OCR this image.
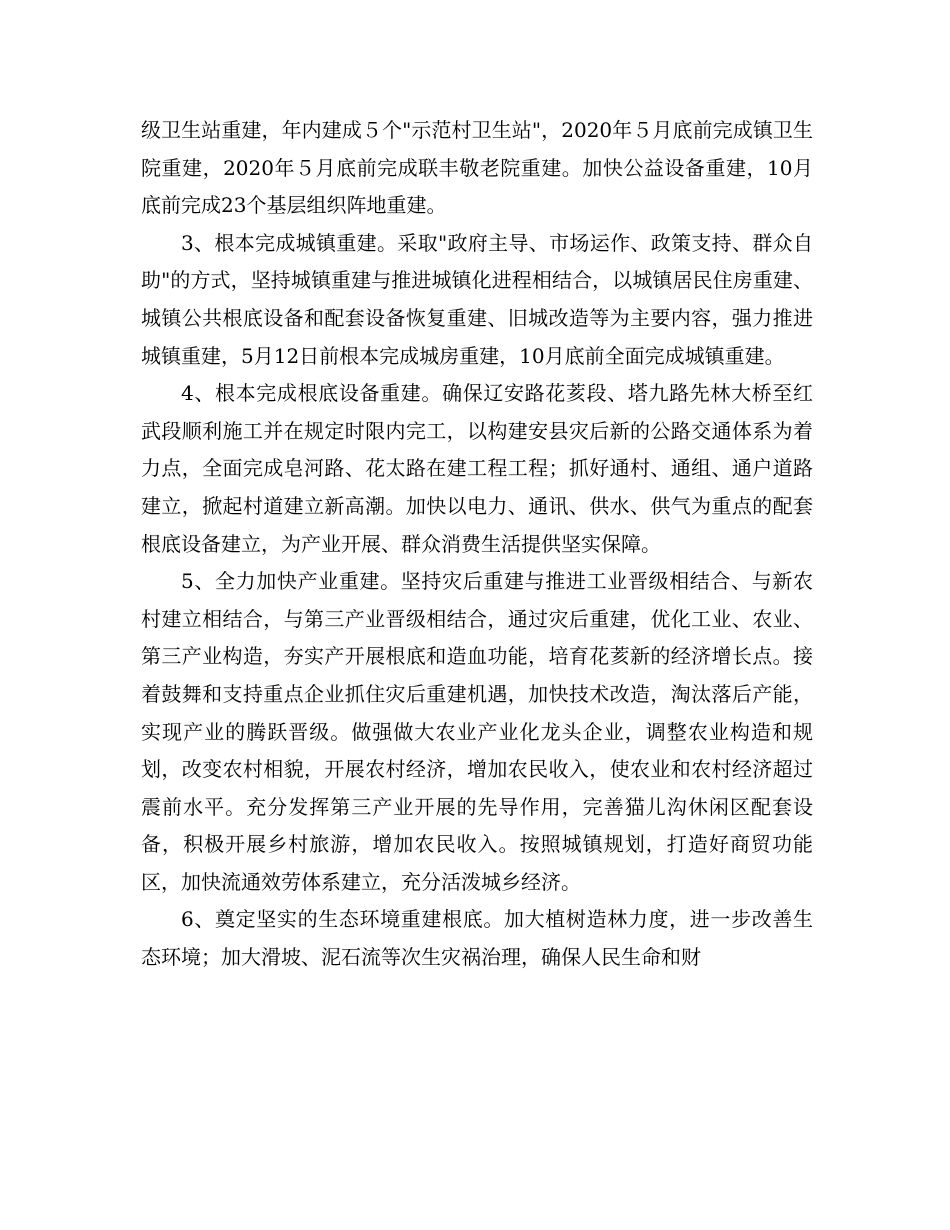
级卫生站重建，年内建成５个"示范村卫生站"，2020年５月底前完成镇卫生院重建，2020年５月底前完成联丰敬老院重建。加快公益设备重建，10月底前完成23个基层组织阵地重建。

3、根本完成城镇重建。采取"政府主导、市场运作、政策支持、群众自助"的方式，坚持城镇重建与推进城镇化进程相结合，以城镇居民住房重建、城镇公共根底设备和配套设备恢复重建、旧城改造等为主要内容，强力推进城镇重建，5月12日前根本完成城房重建，10月底前全面完成城镇重建。

4、根本完成根底设备重建。确保辽安路花荄段、塔九路先林大桥至红武段顺利施工并在规定时限内完工，以构建安县灾后新的公路交通体系为着力点，全面完成皂河路、花太路在建工程工程；抓好通村、通组、通户道路建立，掀起村道建立新高潮。加快以电力、通讯、供水、供气为重点的配套根底设备建立，为产业开展、群众消费生活提供坚实保障。

5、全力加快产业重建。坚持灾后重建与推进工业晋级相结合、与新农村建立相结合，与第三产业晋级相结合，通过灾后重建，优化工业、农业、第三产业构造，夯实产开展根底和造血功能，培育花荄新的经济增长点。接着鼓舞和支持重点企业抓住灾后重建机遇，加快技术改造，淘汰落后产能，实现产业的腾跃晋级。做强做大农业产业化龙头企业，调整农业构造和规划，改变农村相貌，开展农村经济，增加农民收入，使农业和农村经济超过震前水平。充分发挥第三产业开展的先导作用，完善猫儿沟休闲区配套设备，积极开展乡村旅游，增加农民收入。按照城镇规划，打造好商贸功能区，加快流通效劳体系建立，充分活泼城乡经济。

6、奠定坚实的生态环境重建根底。加大植树造林力度，进一步改善生态环境；加大滑坡、泥石流等次生灾祸治理，确保人民生命和财
